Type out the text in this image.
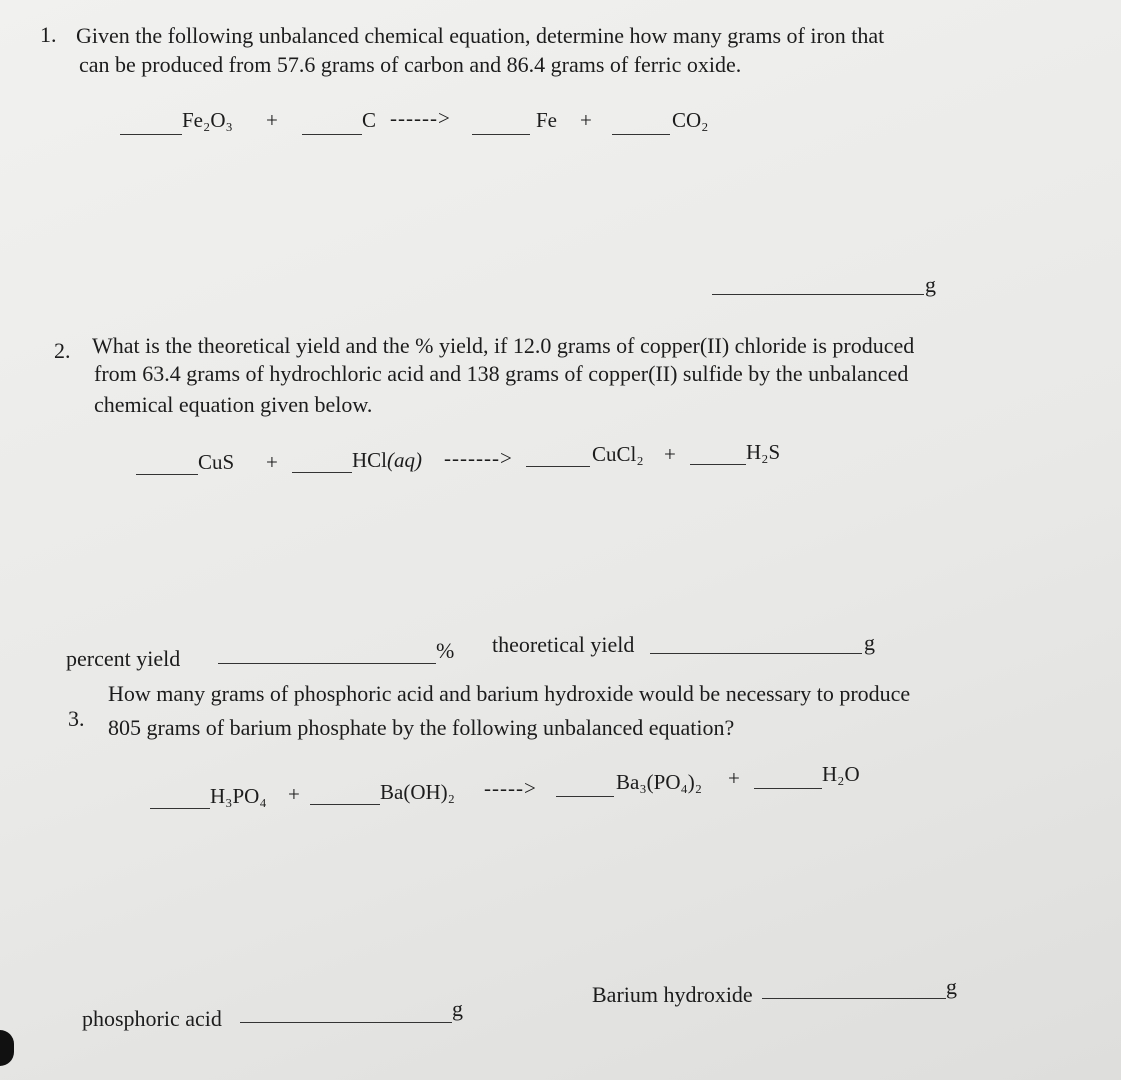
1. Given the following unbalanced chemical equation, determine how many grams of iron that
can be produced from 57.6 grams of carbon and 86.4 grams of ferric oxide.
Fe₂O₃ +	C ------>	Fe +	CO₂
g
2. What is the theoretical yield and the % yield, if 12.0 grams of copper(II) chloride is produced
from 63.4 grams of hydrochloric acid and 138 grams of copper(II) sulfide by the unbalanced
chemical equation given below.
CuS +	HCl(aq) ------->	CuCl₂ +	H₂S
percent yield	% theoretical yield	g
3.
How many grams of phosphoric acid and barium hydroxide would be necessary to produce
805 grams of barium phosphate by the following unbalanced equation?
H₃PO₄ +	Ba(OH)₂ ----->	Ba₃(PO₄)₂ +	H₂O
phosphoric acid	g
Barium hydroxide	g
